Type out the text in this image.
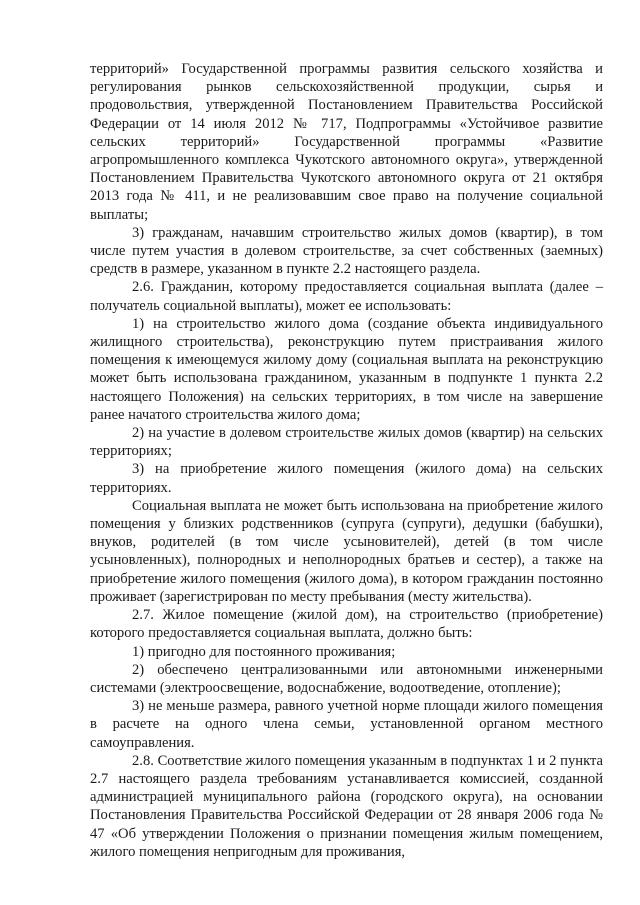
территорий» Государственной программы развития сельского хозяйства и регулирования рынков сельскохозяйственной продукции, сырья и продовольствия, утвержденной Постановлением Правительства Российской Федерации от 14 июля 2012 № 717, Подпрограммы «Устойчивое развитие сельских территорий» Государственной программы «Развитие агропромышленного комплекса Чукотского автономного округа», утвержденной Постановлением Правительства Чукотского автономного округа от 21 октября 2013 года № 411, и не реализовавшим свое право на получение социальной выплаты;

3) гражданам, начавшим строительство жилых домов (квартир), в том числе путем участия в долевом строительстве, за счет собственных (заемных) средств в размере, указанном в пункте 2.2 настоящего раздела.

2.6. Гражданин, которому предоставляется социальная выплата (далее – получатель социальной выплаты), может ее использовать:

1) на строительство жилого дома (создание объекта индивидуального жилищного строительства), реконструкцию путем пристраивания жилого помещения к имеющемуся жилому дому (социальная выплата на реконструкцию может быть использована гражданином, указанным в подпункте 1 пункта 2.2 настоящего Положения) на сельских территориях, в том числе на завершение ранее начатого строительства жилого дома;

2) на участие в долевом строительстве жилых домов (квартир) на сельских территориях;

3) на приобретение жилого помещения (жилого дома) на сельских территориях.

Социальная выплата не может быть использована на приобретение жилого помещения у близких родственников (супруга (супруги), дедушки (бабушки), внуков, родителей (в том числе усыновителей), детей (в том числе усыновленных), полнородных и неполнородных братьев и сестер), а также на приобретение жилого помещения (жилого дома), в котором гражданин постоянно проживает (зарегистрирован по месту пребывания (месту жительства).

2.7. Жилое помещение (жилой дом), на строительство (приобретение) которого предоставляется социальная выплата, должно быть:

1) пригодно для постоянного проживания;

2) обеспечено централизованными или автономными инженерными системами (электроосвещение, водоснабжение, водоотведение, отопление);

3) не меньше размера, равного учетной норме площади жилого помещения в расчете на одного члена семьи, установленной органом местного самоуправления.

2.8. Соответствие жилого помещения указанным в подпунктах 1 и 2 пункта 2.7 настоящего раздела требованиям устанавливается комиссией, созданной администрацией муниципального района (городского округа), на основании Постановления Правительства Российской Федерации от 28 января 2006 года № 47 «Об утверждении Положения о признании помещения жилым помещением, жилого помещения непригодным для проживания,
